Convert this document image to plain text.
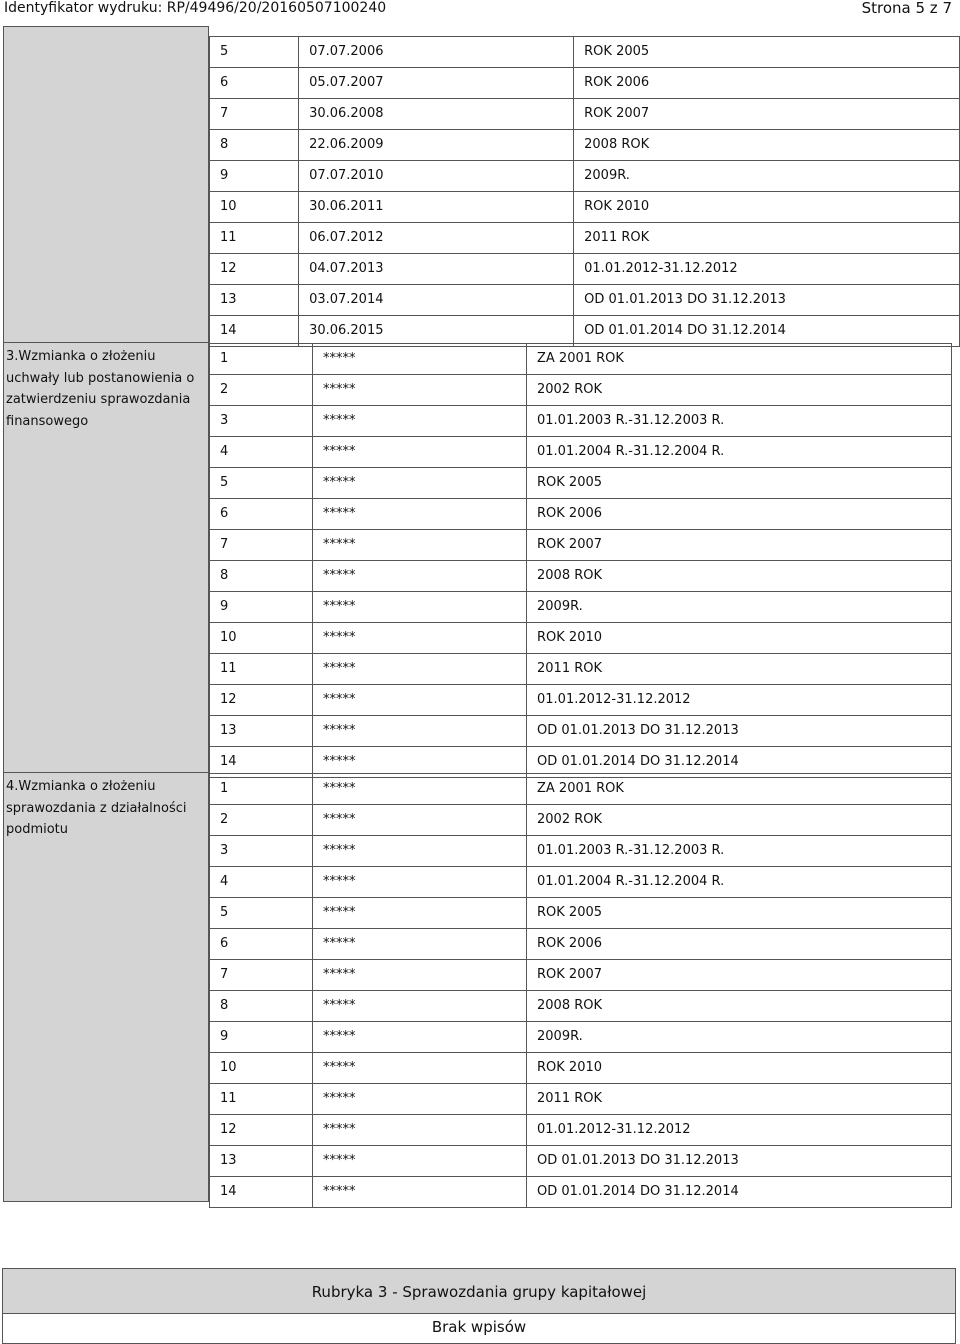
Identyfikator wydruku: RP/49496/20/20160507100240	Strona 5 z 7
3.Wzmianka o złożeniu uchwały lub postanowienia o zatwierdzeniu sprawozdania finansowego
4.Wzmianka o złożeniu sprawozdania z działalności podmiotu
5	07.07.2006	ROK 2005
6	05.07.2007	ROK 2006
7	30.06.2008	ROK 2007
8	22.06.2009	2008 ROK
9	07.07.2010	2009R.
10	30.06.2011	ROK 2010
11	06.07.2012	2011 ROK
12	04.07.2013	01.01.2012-31.12.2012
13	03.07.2014	OD 01.01.2013 DO 31.12.2013
14	30.06.2015	OD 01.01.2014 DO 31.12.2014
1	*****	ZA 2001 ROK
2	*****	2002 ROK
3	*****	01.01.2003 R.-31.12.2003 R.
4	*****	01.01.2004 R.-31.12.2004 R.
5	*****	ROK 2005
6	*****	ROK 2006
7	*****	ROK 2007
8	*****	2008 ROK
9	*****	2009R.
10	*****	ROK 2010
11	*****	2011 ROK
12	*****	01.01.2012-31.12.2012
13	*****	OD 01.01.2013 DO 31.12.2013
14	*****	OD 01.01.2014 DO 31.12.2014
1	*****	ZA 2001 ROK
2	*****	2002 ROK
3	*****	01.01.2003 R.-31.12.2003 R.
4	*****	01.01.2004 R.-31.12.2004 R.
5	*****	ROK 2005
6	*****	ROK 2006
7	*****	ROK 2007
8	*****	2008 ROK
9	*****	2009R.
10	*****	ROK 2010
11	*****	2011 ROK
12	*****	01.01.2012-31.12.2012
13	*****	OD 01.01.2013 DO 31.12.2013
14	*****	OD 01.01.2014 DO 31.12.2014
Rubryka 3 - Sprawozdania grupy kapitałowej
Brak wpisów
